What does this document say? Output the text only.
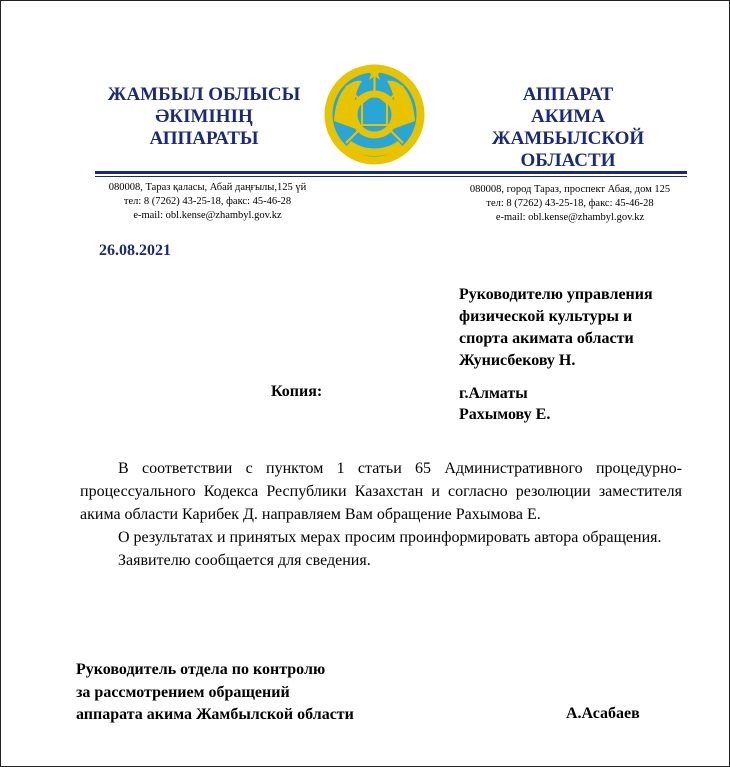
ЖАМБЫЛ ОБЛЫСЫ
ӘКІМІНІҢ
АППАРАТЫ
АППАРАТ
АКИМА
ЖАМБЫЛСКОЙ ОБЛАСТИ
080008, Тараз қаласы, Абай даңғылы,125 үй
тел: 8 (7262) 43-25-18, факс: 45-46-28
e-mail: obl.kense@zhambyl.gov.kz
080008, город Тараз, проспект Абая, дом 125
тел: 8 (7262) 43-25-18, факс: 45-46-28
e-mail: obl.kense@zhambyl.gov.kz
26.08.2021
Руководителю управления
физической культуры и
спорта акимата области
Жунисбекову Н.
Копия:	г.Алматы
Рахымову Е.

В соответствии с пунктом 1 статьи 65 Административного процедурно-процессуального Кодекса Республики Казахстан и согласно резолюции заместителя акима области Карибек Д. направляем Вам обращение Рахымова Е.

О результатах и принятых мерах просим проинформировать автора обращения.

Заявителю сообщается для сведения.

Руководитель отдела по контролю
за рассмотрением обращений
аппарата акима Жамбылской области	А.Асабаев
